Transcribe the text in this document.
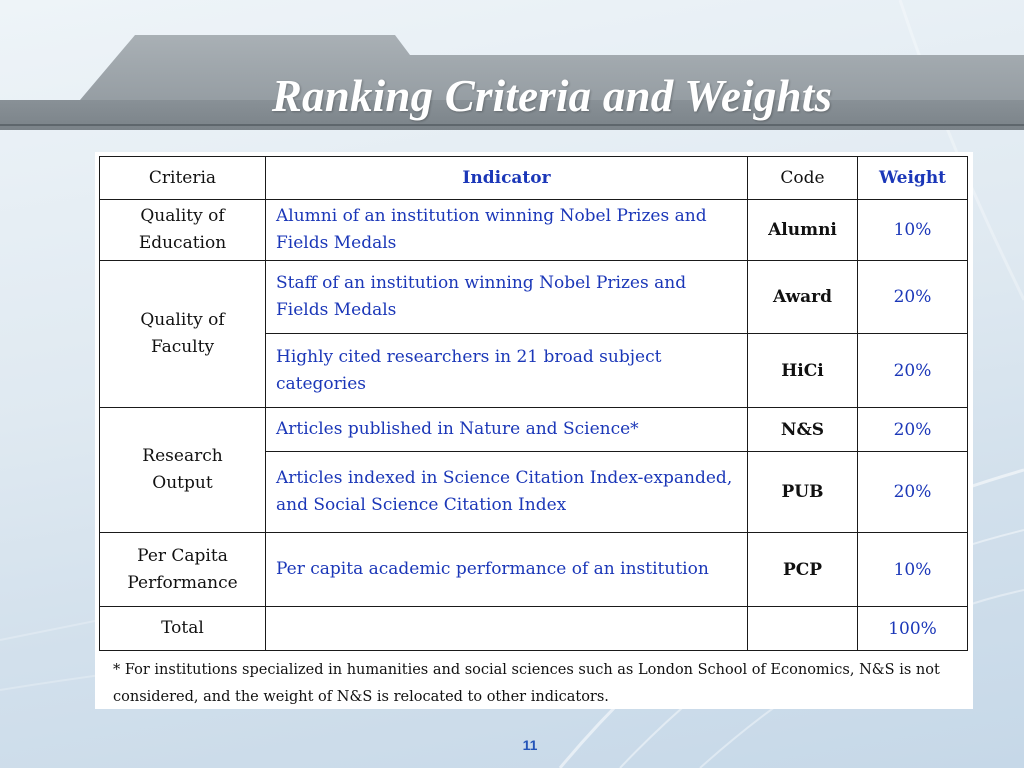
Ranking Criteria and Weights
Criteria	Indicator	Code	Weight
Quality of Education	Alumni of an institution winning Nobel Prizes and Fields Medals	Alumni	10%
Quality of Faculty	Staff of an institution winning Nobel Prizes and Fields Medals	Award	20%
	Highly cited researchers in 21 broad subject categories	HiCi	20%
Research Output	Articles published in Nature and Science*	N&S	20%
	Articles indexed in Science Citation Index-expanded, and Social Science Citation Index	PUB	20%
Per Capita Performance	Per capita academic performance of an institution	PCP	10%
Total			100%
* For institutions specialized in humanities and social sciences such as London School of Economics, N&S is not considered, and the weight of N&S is relocated to other indicators.
11
